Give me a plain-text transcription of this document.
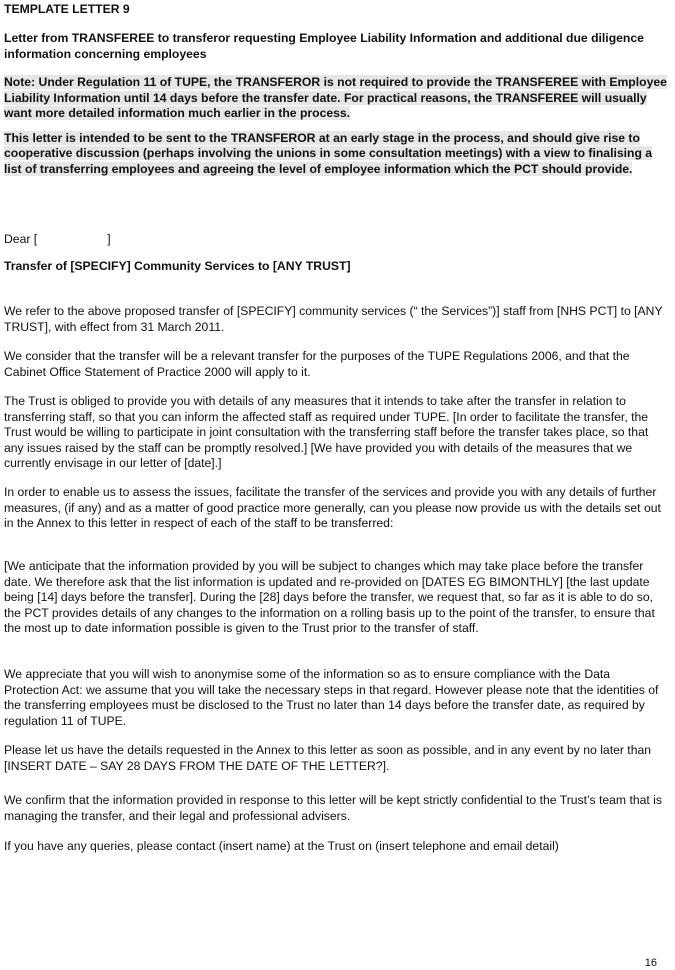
TEMPLATE LETTER 9

Letter from TRANSFEREE to transferor requesting Employee Liability Information and additional due diligence information concerning employees

Note: Under Regulation 11 of TUPE, the TRANSFEROR is not required to provide the TRANSFEREE with Employee Liability Information until 14 days before the transfer date. For practical reasons, the TRANSFEREE will usually want more detailed information much earlier in the process.

This letter is intended to be sent to the TRANSFEROR at an early stage in the process, and should give rise to cooperative discussion (perhaps involving the unions in some consultation meetings) with a view to finalising a list of transferring employees and agreeing the level of employee information which the PCT should provide.

Dear [	]

Transfer of [SPECIFY] Community Services to [ANY TRUST]

We refer to the above proposed transfer of [SPECIFY] community services (“ the Services”)] staff from [NHS PCT] to [ANY TRUST], with effect from 31 March 2011.

We consider that the transfer will be a relevant transfer for the purposes of the TUPE Regulations 2006, and that the Cabinet Office Statement of Practice 2000 will apply to it.

The Trust is obliged to provide you with details of any measures that it intends to take after the transfer in relation to transferring staff, so that you can inform the affected staff as required under TUPE. [In order to facilitate the transfer, the Trust would be willing to participate in joint consultation with the transferring staff before the transfer takes place, so that any issues raised by the staff can be promptly resolved.] [We have provided you with details of the measures that we currently envisage in our letter of [date].]

In order to enable us to assess the issues, facilitate the transfer of the services and provide you with any details of further measures, (if any) and as a matter of good practice more generally, can you please now provide us with the details set out in the Annex to this letter in respect of each of the staff to be transferred:

[We anticipate that the information provided by you will be subject to changes which may take place before the transfer date. We therefore ask that the list information is updated and re-provided on [DATES EG BIMONTHLY] [the last update being [14] days before the transfer]. During the [28] days before the transfer, we request that, so far as it is able to do so, the PCT provides details of any changes to the information on a rolling basis up to the point of the transfer, to ensure that the most up to date information possible is given to the Trust prior to the transfer of staff.

We appreciate that you will wish to anonymise some of the information so as to ensure compliance with the Data Protection Act: we assume that you will take the necessary steps in that regard. However please note that the identities of the transferring employees must be disclosed to the Trust no later than 14 days before the transfer date, as required by regulation 11 of TUPE.

Please let us have the details requested in the Annex to this letter as soon as possible, and in any event by no later than [INSERT DATE – SAY 28 DAYS FROM THE DATE OF THE LETTER?].

We confirm that the information provided in response to this letter will be kept strictly confidential to the Trust’s team that is managing the transfer, and their legal and professional advisers.

If you have any queries, please contact (insert name) at the Trust on (insert telephone and email detail)

16
